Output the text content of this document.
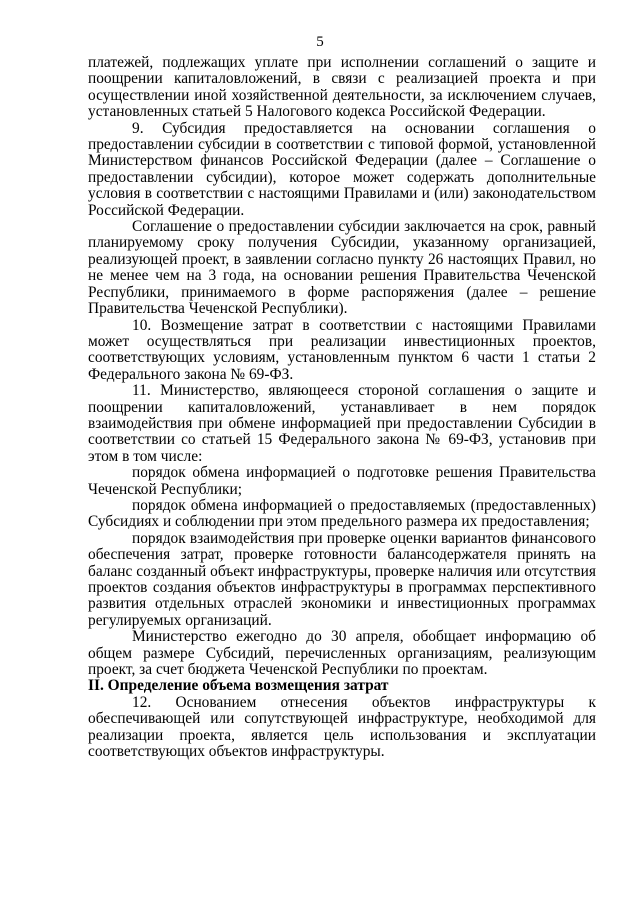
5

платежей, подлежащих уплате при исполнении соглашений о защите и поощрении капиталовложений, в связи с реализацией проекта и при осуществлении иной хозяйственной деятельности, за исключением случаев, установленных статьей 5 Налогового кодекса Российской Федерации.

9. Субсидия предоставляется на основании соглашения о предоставлении субсидии в соответствии с типовой формой, установленной Министерством финансов Российской Федерации (далее – Соглашение о предоставлении субсидии), которое может содержать дополнительные условия в соответствии с настоящими Правилами и (или) законодательством Российской Федерации.

Соглашение о предоставлении субсидии заключается на срок, равный планируемому сроку получения Субсидии, указанному организацией, реализующей проект, в заявлении согласно пункту 26 настоящих Правил, но не менее чем на 3 года, на основании решения Правительства Чеченской Республики, принимаемого в форме распоряжения (далее – решение Правительства Чеченской Республики).

10. Возмещение затрат в соответствии с настоящими Правилами может осуществляться при реализации инвестиционных проектов, соответствующих условиям, установленным пунктом 6 части 1 статьи 2 Федерального закона № 69-ФЗ.

11. Министерство, являющееся стороной соглашения о защите и поощрении капиталовложений, устанавливает в нем порядок взаимодействия при обмене информацией при предоставлении Субсидии в соответствии со статьей 15 Федерального закона № 69-ФЗ, установив при этом в том числе:

порядок обмена информацией о подготовке решения Правительства Чеченской Республики;

порядок обмена информацией о предоставляемых (предоставленных) Субсидиях и соблюдении при этом предельного размера их предоставления;

порядок взаимодействия при проверке оценки вариантов финансового обеспечения затрат, проверке готовности балансодержателя принять на баланс созданный объект инфраструктуры, проверке наличия или отсутствия проектов создания объектов инфраструктуры в программах перспективного развития отдельных отраслей экономики и инвестиционных программах регулируемых организаций.

Министерство ежегодно до 30 апреля, обобщает информацию об общем размере Субсидий, перечисленных организациям, реализующим проект, за счет бюджета Чеченской Республики по проектам.

II. Определение объема возмещения затрат

12. Основанием отнесения объектов инфраструктуры к обеспечивающей или сопутствующей инфраструктуре, необходимой для реализации проекта, является цель использования и эксплуатации соответствующих объектов инфраструктуры.
